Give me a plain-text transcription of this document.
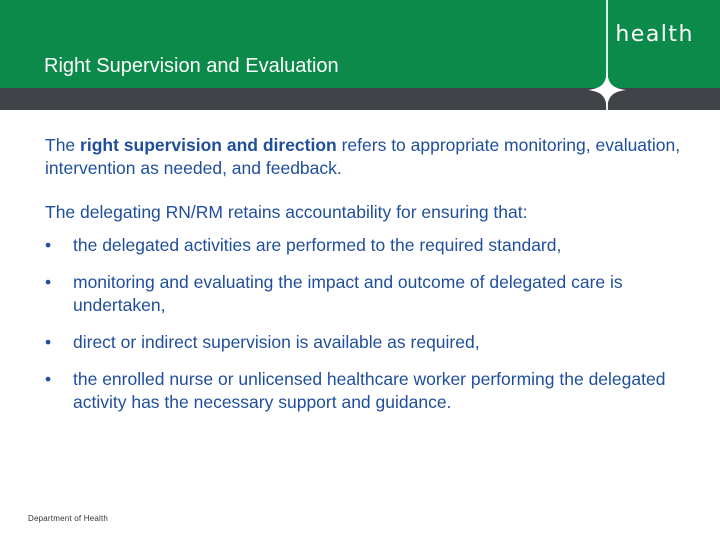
health
Right Supervision and Evaluation

The right supervision and direction refers to appropriate monitoring, evaluation, intervention as needed, and feedback.

The delegating RN/RM retains accountability for ensuring that:

• the delegated activities are performed to the required standard,
• monitoring and evaluating the impact and outcome of delegated care is undertaken,
• direct or indirect supervision is available as required,
• the enrolled nurse or unlicensed healthcare worker performing the delegated activity has the necessary support and guidance.
Department of Health
